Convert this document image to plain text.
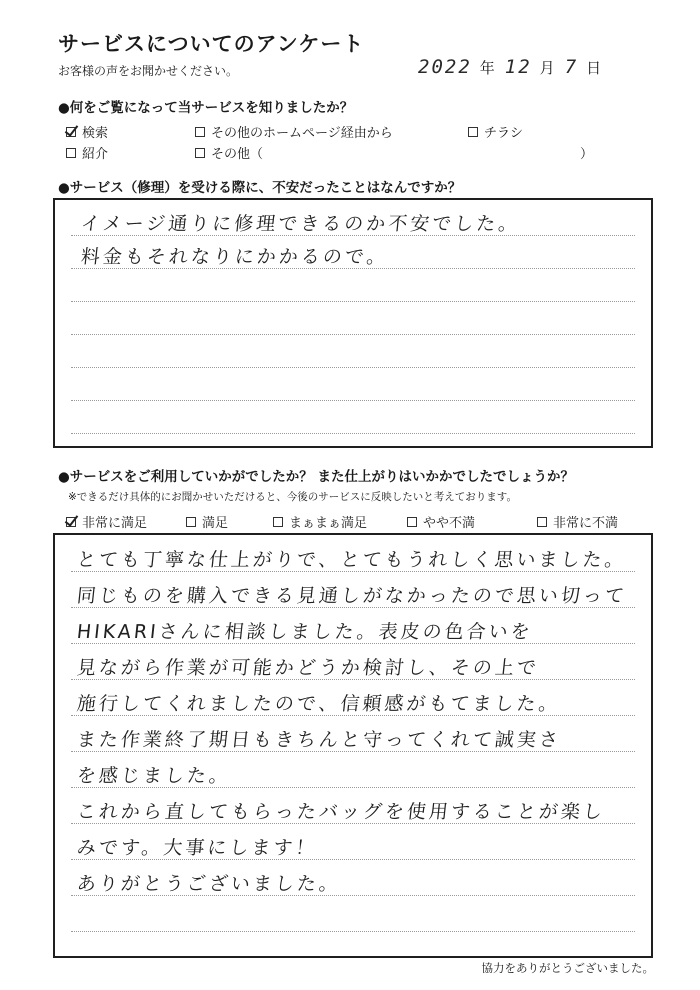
サービスについてのアンケート
お客様の声をお聞かせください。	2022 年 12 月 7 日
●何をご覧になって当サービスを知りましたか？
検索	その他のホームページ経由から	チラシ
紹介	その他（	）
●サービス（修理）を受ける際に、不安だったことはなんですか？
イメージ通りに修理できるのか不安でした。
料金もそれなりにかかるので。
●サービスをご利用していかがでしたか？ また仕上がりはいかかでしたでしょうか？
※できるだけ具体的にお聞かせいただけると、今後のサービスに反映したいと考えております。
非常に満足	満足	まぁまぁ満足	やや不満	非常に不満
とても丁寧な仕上がりで、とてもうれしく思いました。
同じものを購入できる見通しがなかったので思い切って
HIKARIさんに相談しました。表皮の色合いを
見ながら作業が可能かどうか検討し、その上で
施行してくれましたので、信頼感がもてました。
また作業終了期日もきちんと守ってくれて誠実さ
を感じました。
これから直してもらったバッグを使用することが楽し
みです。大事にします！
ありがとうございました。
協力をありがとうございました。
